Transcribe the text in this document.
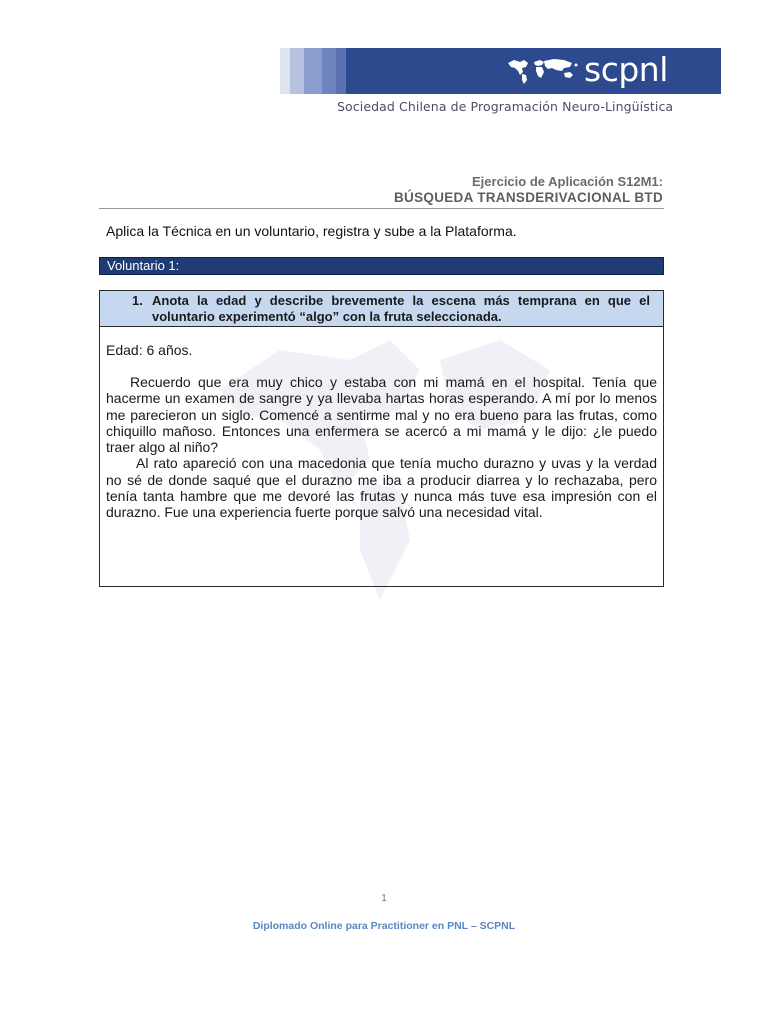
scpnl
Sociedad Chilena de Programación Neuro-Lingüística
Ejercicio de Aplicación S12M1:
BÚSQUEDA TRANSDERIVACIONAL BTD
Aplica la Técnica en un voluntario, registra y sube a la Plataforma.
Voluntario 1:
1. Anota la edad y describe brevemente la escena más temprana en que el voluntario experimentó “algo” con la fruta seleccionada.
Edad: 6 años.

Recuerdo que era muy chico y estaba con mi mamá en el hospital. Tenía que hacerme un examen de sangre y ya llevaba hartas horas esperando. A mí por lo menos me parecieron un siglo. Comencé a sentirme mal y no era bueno para las frutas, como chiquillo mañoso. Entonces una enfermera se acercó a mi mamá y le dijo: ¿le puedo traer algo al niño?

Al rato apareció con una macedonia que tenía mucho durazno y uvas y la verdad no sé de donde saqué que el durazno me iba a producir diarrea y lo rechazaba, pero tenía tanta hambre que me devoré las frutas y nunca más tuve esa impresión con el durazno. Fue una experiencia fuerte porque salvó una necesidad vital.

1
Diplomado Online para Practitioner en PNL – SCPNL
